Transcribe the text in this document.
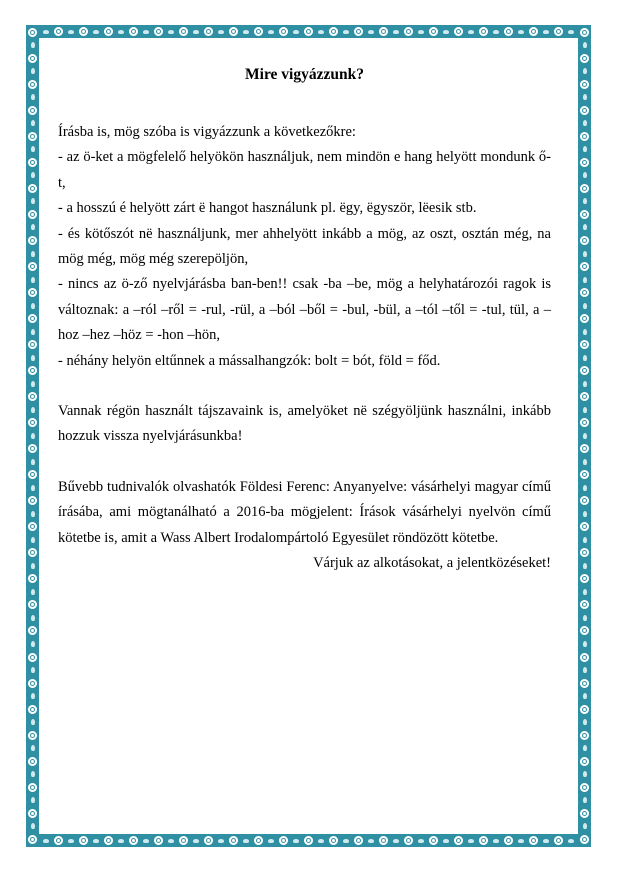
Mire vigyázzunk?

Írásba is, mög szóba is vigyázzunk a következőkre:

- az ö-ket a mögfelelő helyökön használjuk, nem mindön e hang helyött mondunk ő-t,

- a hosszú é helyött zárt ë hangot használunk pl. ëgy, ëgyször, lëesik stb.

- és kötőszót në használjunk, mer ahhelyött inkább a mög, az oszt, osztán még, na mög még, mög még szerepöljön,

- nincs az ö-ző nyelvjárásba ban-ben!! csak -ba –be, mög a helyhatározói ragok is változnak: a –ról –ről = -rul, -rül, a –ból –ből = -bul, -bül, a –tól –től = -tul, tül, a –hoz –hez –höz = -hon –hön,

- néhány helyön eltűnnek a mássalhangzók: bolt = bót, föld = főd.

Vannak régön használt tájszavaink is, amelyöket në szégyöljünk használni, inkább hozzuk vissza nyelvjárásunkba!

Bűvebb tudnivalók olvashatók Földesi Ferenc: Anyanyelve: vásárhelyi magyar című írásába, ami mögtanálható a 2016-ba mögjelent: Írások vásárhelyi nyelvön című kötetbe is, amit a Wass Albert Irodalompártoló Egyesület röndözött kötetbe.

Várjuk az alkotásokat, a jelentközéseket!
